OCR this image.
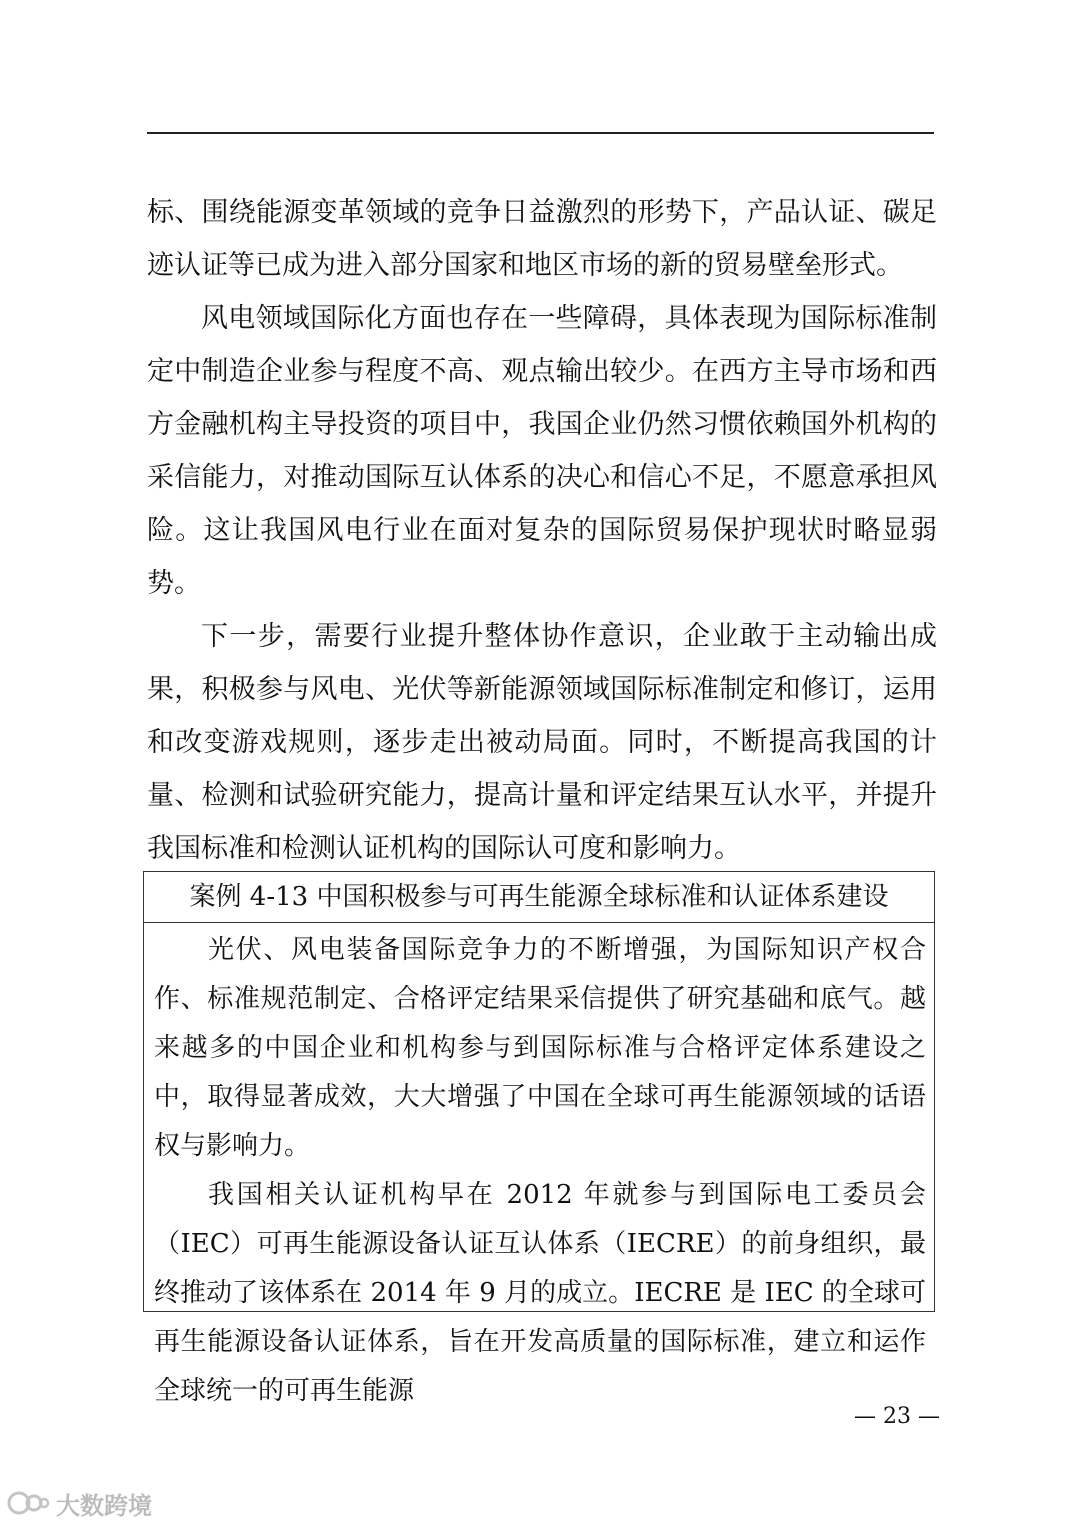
标、围绕能源变革领域的竞争日益激烈的形势下，产品认证、碳足迹认证等已成为进入部分国家和地区市场的新的贸易壁垒形式。

风电领域国际化方面也存在一些障碍，具体表现为国际标准制定中制造企业参与程度不高、观点输出较少。在西方主导市场和西方金融机构主导投资的项目中，我国企业仍然习惯依赖国外机构的采信能力，对推动国际互认体系的决心和信心不足，不愿意承担风险。这让我国风电行业在面对复杂的国际贸易保护现状时略显弱势。

下一步，需要行业提升整体协作意识，企业敢于主动输出成果，积极参与风电、光伏等新能源领域国际标准制定和修订，运用和改变游戏规则，逐步走出被动局面。同时，不断提高我国的计量、检测和试验研究能力，提高计量和评定结果互认水平，并提升我国标准和检测认证机构的国际认可度和影响力。

案例 4-13 中国积极参与可再生能源全球标准和认证体系建设

光伏、风电装备国际竞争力的不断增强，为国际知识产权合作、标准规范制定、合格评定结果采信提供了研究基础和底气。越来越多的中国企业和机构参与到国际标准与合格评定体系建设之中，取得显著成效，大大增强了中国在全球可再生能源领域的话语权与影响力。

我国相关认证机构早在 2012 年就参与到国际电工委员会（IEC）可再生能源设备认证互认体系（IECRE）的前身组织，最终推动了该体系在 2014 年 9 月的成立。IECRE 是 IEC 的全球可再生能源设备认证体系，旨在开发高质量的国际标准，建立和运作全球统一的可再生能源

— 23 —
大数跨境
